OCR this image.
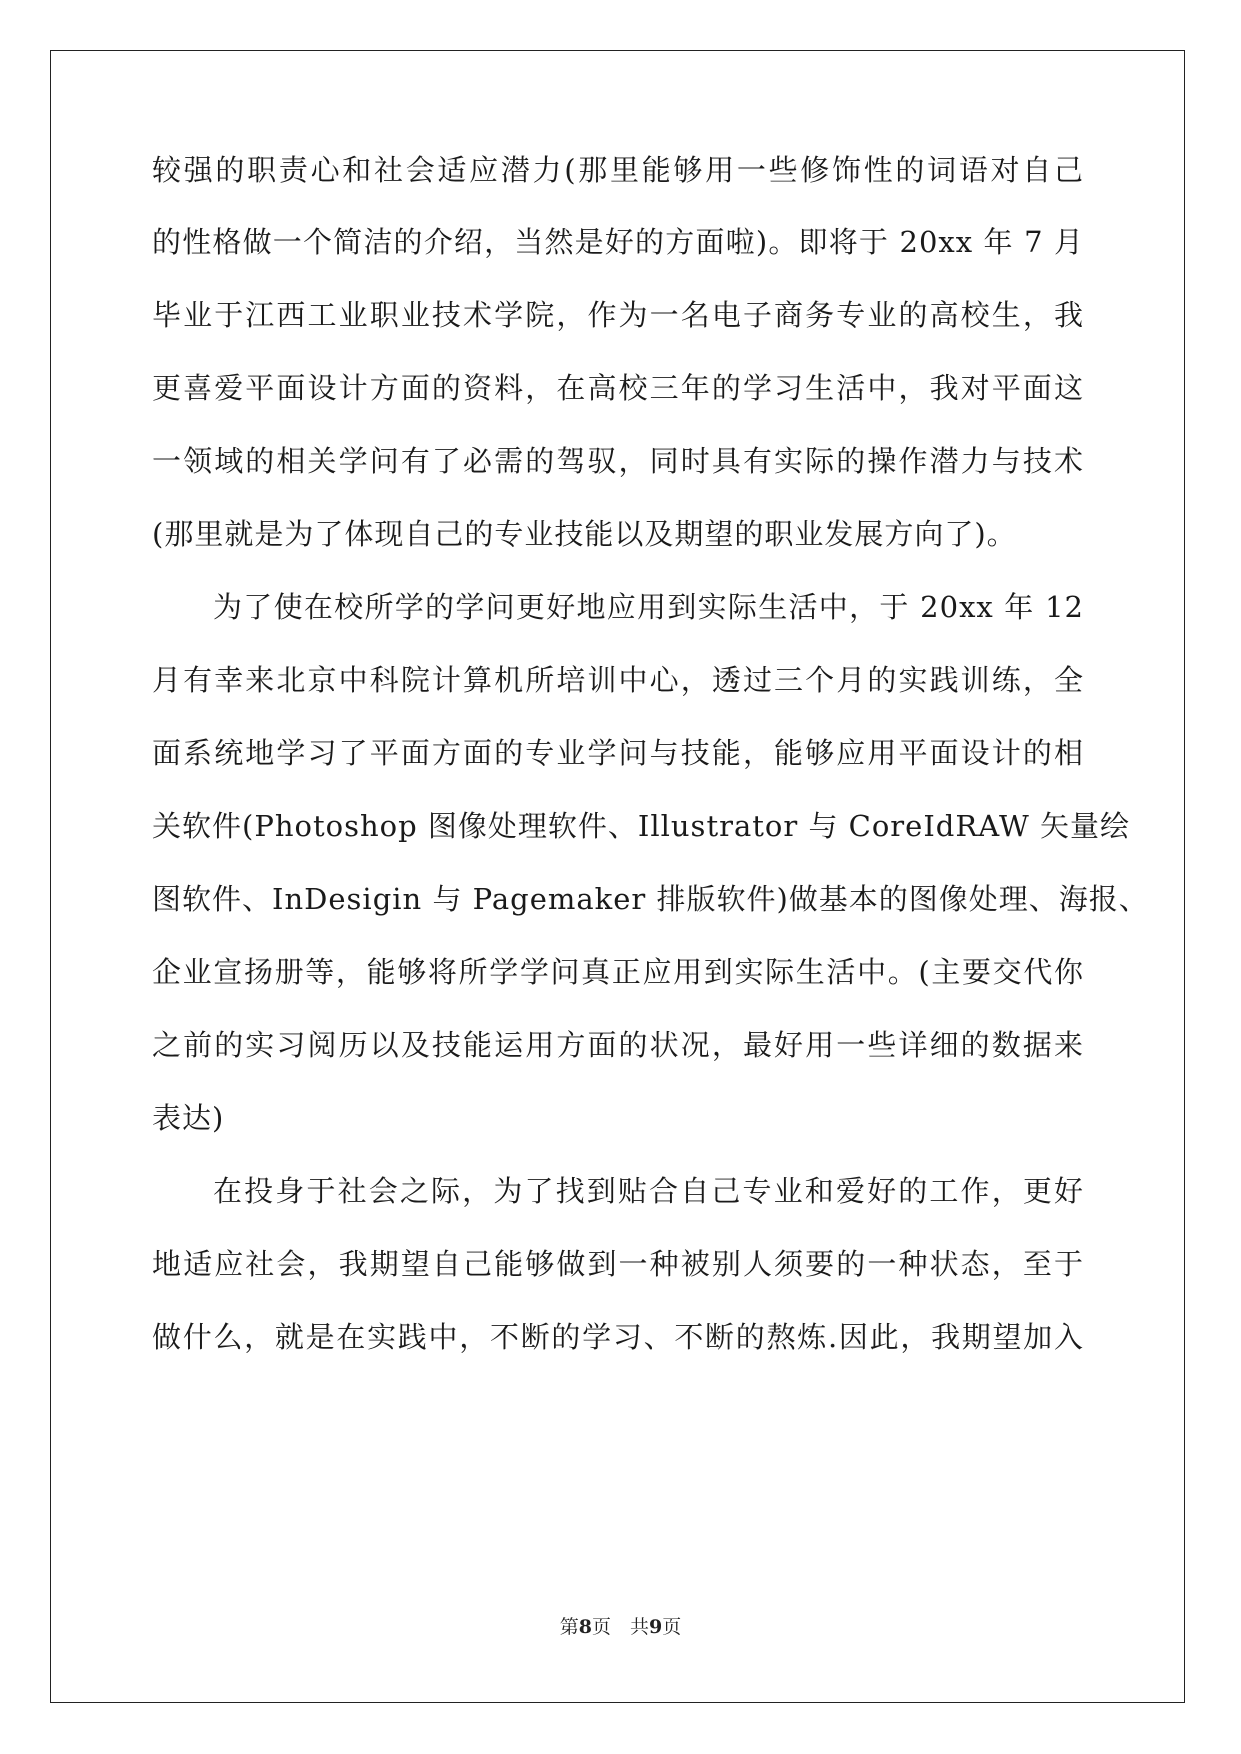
较强的职责心和社会适应潜力(那里能够用一些修饰性的词语对自己
的性格做一个简洁的介绍，当然是好的方面啦)。即将于 20xx 年 7 月
毕业于江西工业职业技术学院，作为一名电子商务专业的高校生，我
更喜爱平面设计方面的资料，在高校三年的学习生活中，我对平面这
一领域的相关学问有了必需的驾驭，同时具有实际的操作潜力与技术
(那里就是为了体现自己的专业技能以及期望的职业发展方向了)。
为了使在校所学的学问更好地应用到实际生活中，于 20xx 年 12
月有幸来北京中科院计算机所培训中心，透过三个月的实践训练，全
面系统地学习了平面方面的专业学问与技能，能够应用平面设计的相
关软件(Photoshop 图像处理软件、Illustrator 与 CoreIdRAW 矢量绘
图软件、InDesigin 与 Pagemaker 排版软件)做基本的图像处理、海报、
企业宣扬册等，能够将所学学问真正应用到实际生活中。(主要交代你
之前的实习阅历以及技能运用方面的状况，最好用一些详细的数据来
表达)
在投身于社会之际，为了找到贴合自己专业和爱好的工作，更好
地适应社会，我期望自己能够做到一种被别人须要的一种状态，至于
做什么，就是在实践中，不断的学习、不断的熬炼.因此，我期望加入
第8页　共9页
